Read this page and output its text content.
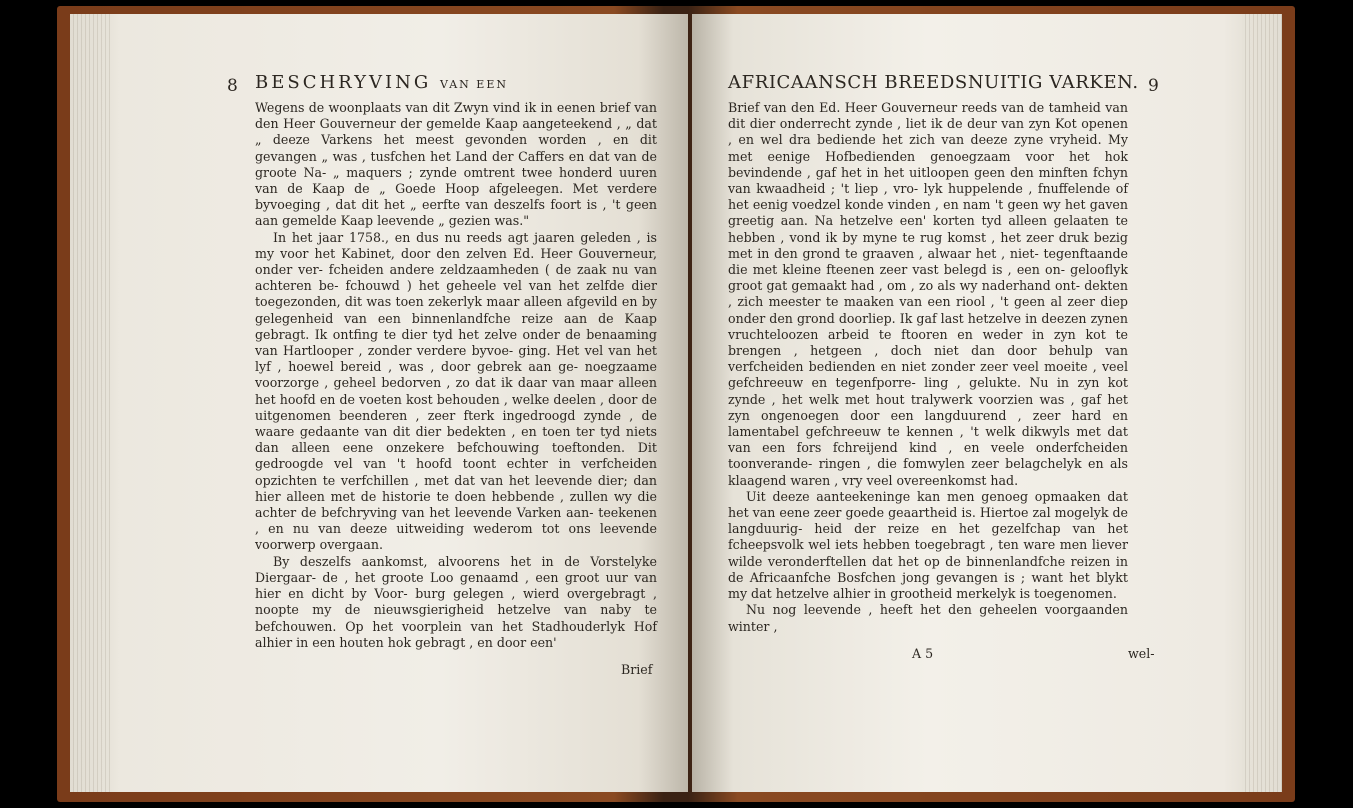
8 BESCHRYVING VAN EEN

Wegens de woonplaats van dit Zwyn vind ik in eenen brief van den Heer Gouverneur der gemelde Kaap aangeteekend , „ dat „ deeze Varkens het meest gevonden worden , en dit gevangen „ was , tusfchen het Land der Caffers en dat van de groote Na- „ maquers ; zynde omtrent twee honderd uuren van de Kaap de „ Goede Hoop afgeleegen. Met verdere byvoeging , dat dit het „ eerfte van deszelfs foort is , 't geen aan gemelde Kaap leevende „ gezien was."

In het jaar 1758., en dus nu reeds agt jaaren geleden , is my voor het Kabinet, door den zelven Ed. Heer Gouverneur, onder ver- fcheiden andere zeldzaamheden ( de zaak nu van achteren be- fchouwd ) het geheele vel van het zelfde dier toegezonden, dit was toen zekerlyk maar alleen afgevild en by gelegenheid van een binnenlandfche reize aan de Kaap gebragt. Ik ontfing te dier tyd het zelve onder de benaaming van Hartlooper , zonder verdere byvoe- ging. Het vel van het lyf , hoewel bereid , was , door gebrek aan ge- noegzaame voorzorge , geheel bedorven , zo dat ik daar van maar alleen het hoofd en de voeten kost behouden , welke deelen , door de uitgenomen beenderen , zeer fterk ingedroogd zynde , de waare gedaante van dit dier bedekten , en toen ter tyd niets dan alleen eene onzekere befchouwing toeftonden. Dit gedroogde vel van 't hoofd toont echter in verfcheiden opzichten te verfchillen , met dat van het leevende dier; dan hier alleen met de historie te doen hebbende , zullen wy die achter de befchryving van het leevende Varken aan- teekenen , en nu van deeze uitweiding wederom tot ons leevende voorwerp overgaan.

By deszelfs aankomst, alvoorens het in de Vorstelyke Diergaar- de , het groote Loo genaamd , een groot uur van hier en dicht by Voor- burg gelegen , wierd overgebragt , noopte my de nieuwsgierigheid hetzelve van naby te befchouwen. Op het voorplein van het Stadhouderlyk Hof alhier in een houten hok gebragt , en door een'

Brief
AFRICAANSCH BREEDSNUITIG VARKEN. 9

Brief van den Ed. Heer Gouverneur reeds van de tamheid van dit dier onderrecht zynde , liet ik de deur van zyn Kot openen , en wel dra bediende het zich van deeze zyne vryheid. My met eenige Hofbedienden genoegzaam voor het hok bevindende , gaf het in het uitloopen geen den minften fchyn van kwaadheid ; 't liep , vro- lyk huppelende , fnuffelende of het eenig voedzel konde vinden , en nam 't geen wy het gaven greetig aan. Na hetzelve een' korten tyd alleen gelaaten te hebben , vond ik by myne te rug komst , het zeer druk bezig met in den grond te graaven , alwaar het , niet- tegenftaande die met kleine fteenen zeer vast belegd is , een on- gelooflyk groot gat gemaakt had , om , zo als wy naderhand ont- dekten , zich meester te maaken van een riool , 't geen al zeer diep onder den grond doorliep. Ik gaf last hetzelve in deezen zynen vruchteloozen arbeid te ftooren en weder in zyn kot te brengen , hetgeen , doch niet dan door behulp van verfcheiden bedienden en niet zonder zeer veel moeite , veel gefchreeuw en tegenfporre- ling , gelukte. Nu in zyn kot zynde , het welk met hout tralywerk voorzien was , gaf het zyn ongenoegen door een langduurend , zeer hard en lamentabel gefchreeuw te kennen , 't welk dikwyls met dat van een fors fchreijend kind , en veele onderfcheiden toonverande- ringen , die fomwylen zeer belagchelyk en als klaagend waren , vry veel overeenkomst had.

Uit deeze aanteekeninge kan men genoeg opmaaken dat het van eene zeer goede geaartheid is. Hiertoe zal mogelyk de langduurig- heid der reize en het gezelfchap van het fcheepsvolk wel iets hebben toegebragt , ten ware men liever wilde veronderftellen dat het op de binnenlandfche reizen in de Africaanfche Bosfchen jong gevangen is ; want het blykt my dat hetzelve alhier in grootheid merkelyk is toegenomen.

Nu nog leevende , heeft het den geheelen voorgaanden winter ,

A 5	wel-
